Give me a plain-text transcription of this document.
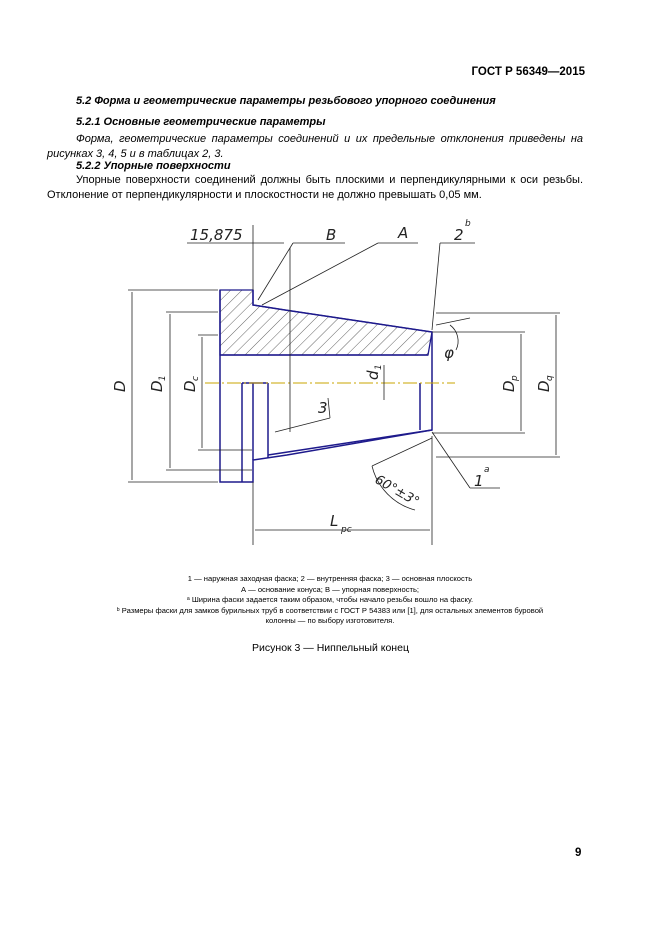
ГОСТ Р 56349—2015
5.2 Форма и геометрические параметры резьбового упорного соединения
5.2.1 Основные геометрические параметры
Форма, геометрические параметры соединений и их предельные отклонения приведены на рисунках 3, 4, 5 и в таблицах 2, 3.
5.2.2 Упорные поверхности
Упорные поверхности соединений должны быть плоскими и перпендикулярными к оси резьбы. Отклонение от перпендикулярности и плоскостности не должно превышать 0,05 мм.
15,875	B	A	2
b
D D
1
D
c	d
1
3
φ
D
p
D
q
60°±3°	1
a
L pc
1 — наружная заходная фаска; 2 — внутренняя фаска; 3 — основная плоскость
А — основание конуса; В — упорная поверхность;
ᵃ Ширина фаски задается таким образом, чтобы начало резьбы вошло на фаску.
ᵇ Размеры фаски для замков бурильных труб в соответствии с ГОСТ Р 54383 или [1], для остальных элементов буровой
колонны — по выбору изготовителя.
Рисунок 3 — Ниппельный конец
9
